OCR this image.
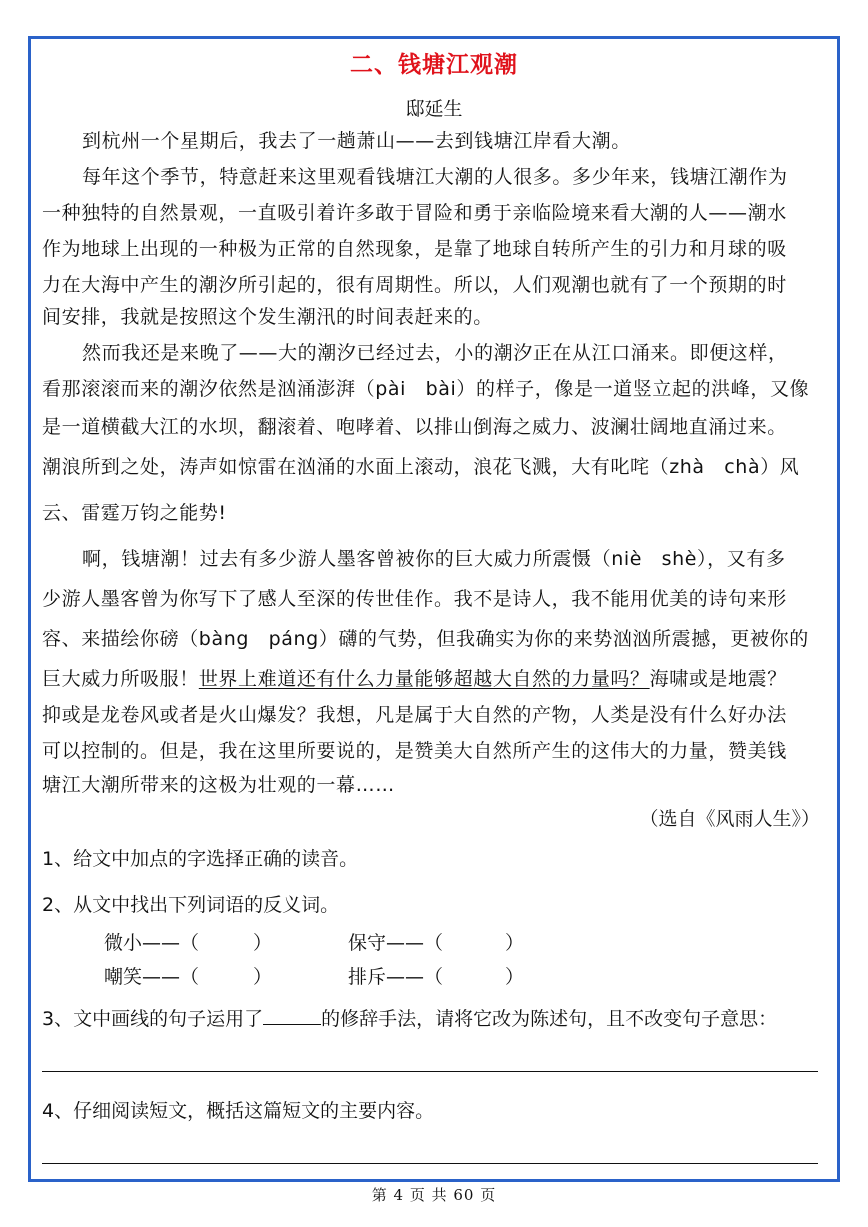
二、钱塘江观潮
邸延生
到杭州一个星期后，我去了一趟萧山——去到钱塘江岸看大潮。
每年这个季节，特意赶来这里观看钱塘江大潮的人很多。多少年来，钱塘江潮作为
一种独特的自然景观，一直吸引着许多敢于冒险和勇于亲临险境来看大潮的人——潮水
作为地球上出现的一种极为正常的自然现象，是靠了地球自转所产生的引力和月球的吸
力在大海中产生的潮汐所引起的，很有周期性。所以，人们观潮也就有了一个预期的时
间安排，我就是按照这个发生潮汛的时间表赶来的。
然而我还是来晚了——大的潮汐已经过去，小的潮汐正在从江口涌来。即便这样，
看那滚滚而来的潮汐依然是汹涌澎湃（pài　bài）的样子，像是一道竖立起的洪峰，又像
是一道横截大江的水坝，翻滚着、咆哮着、以排山倒海之威力、波澜壮阔地直涌过来。
潮浪所到之处，涛声如惊雷在汹涌的水面上滚动，浪花飞溅，大有叱咤（zhà　chà）风
云、雷霆万钧之能势!
啊，钱塘潮！过去有多少游人墨客曾被你的巨大威力所震慑（niè　shè），又有多
少游人墨客曾为你写下了感人至深的传世佳作。我不是诗人，我不能用优美的诗句来形
容、来描绘你磅（bàng　páng）礴的气势，但我确实为你的来势汹汹所震撼，更被你的
巨大威力所吸服！世界上难道还有什么力量能够超越大自然的力量吗？海啸或是地震？
抑或是龙卷风或者是火山爆发？我想，凡是属于大自然的产物，人类是没有什么好办法
可以控制的。但是，我在这里所要说的，是赞美大自然所产生的这伟大的力量，赞美钱
塘江大潮所带来的这极为壮观的一幕……
（选自《风雨人生》）
1、给文中加点的字选择正确的读音。
2、从文中找出下列词语的反义词。
微小——（	）	保守——（	）
嘲笑——（	）	排斥——（	）
3、文中画线的句子运用了	的修辞手法，请将它改为陈述句，且不改变句子意思：
4、仔细阅读短文，概括这篇短文的主要内容。
第 4 页 共 60 页
